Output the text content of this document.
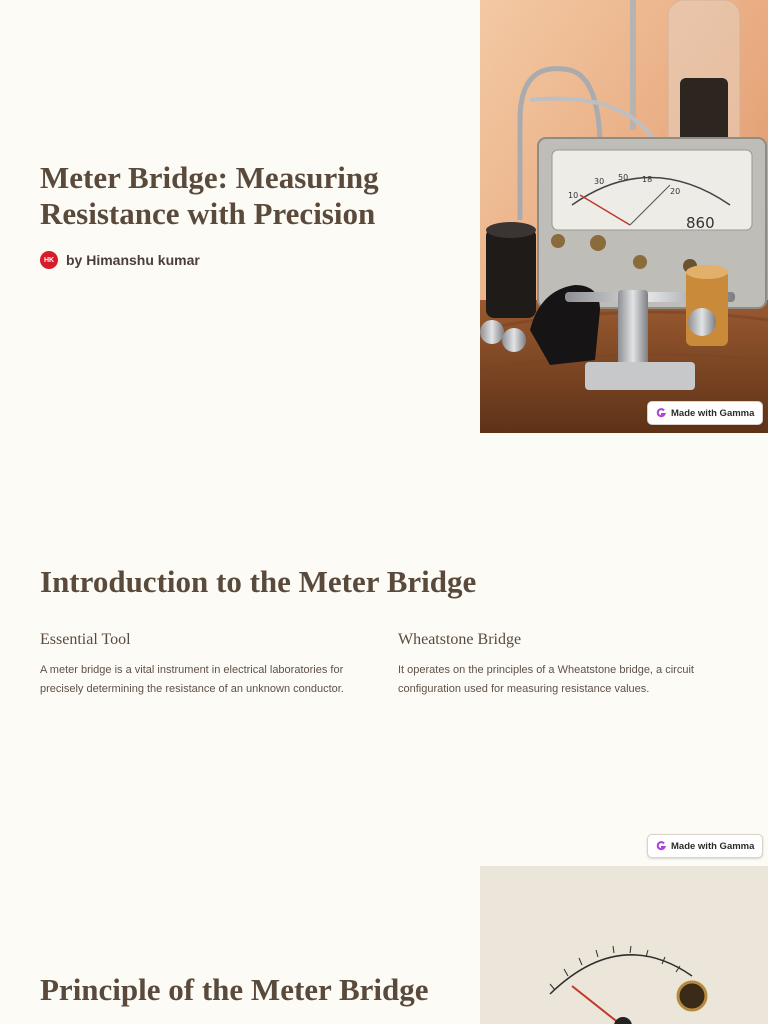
Meter Bridge: Measuring Resistance with Precision
HK by Himanshu kumar
10
30 50 18
20
860
Made with Gamma
Introduction to the Meter Bridge
Essential Tool

A meter bridge is a vital instrument in electrical laboratories for precisely determining the resistance of an unknown conductor.

Wheatstone Bridge

It operates on the principles of a Wheatstone bridge, a circuit configuration used for measuring resistance values.

Made with Gamma
Principle of the Meter Bridge
